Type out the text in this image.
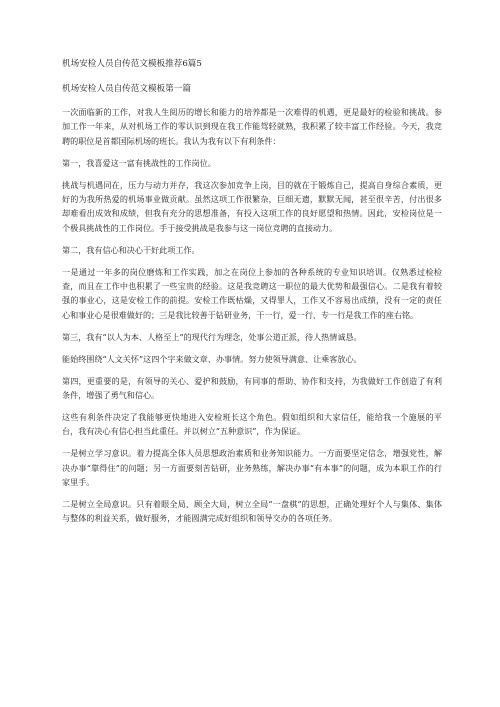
机场安检人员自传范文模板推荐6篇5
机场安检人员自传范文模板第一篇

一次面临新的工作，对我人生阅历的增长和能力的培养都是一次难得的机遇，更是最好的检验和挑战。参加工作一年来，从对机场工作的零认识到现在我工作能驾轻就熟，我积累了较丰富工作经验。今天，我竞聘的职位是首都国际机场的班长。我认为我有以下有利条件：

第一，我喜爱这一富有挑战性的工作岗位。

挑战与机遇同在，压力与动力并存，我这次参加竞争上岗，目的就在于锻炼自己，提高自身综合素质，更好的为我所热爱的机场事业做贡献。虽然这项工作很繁杂，巨细无遗，默默无闻，甚至很辛苦，付出很多却难看出成效和成绩，但我有充分的思想准备，有投入这项工作的良好愿望和热情。因此，安检岗位是一个极具挑战性的工作岗位。手于接受挑战是我参与这一岗位竞聘的直接动力。

第二，我有信心和决心干好此项工作。

一是通过一年多的岗位磨炼和工作实践，加之在岗位上参加的各种系统的专业知识培训。仅熟悉过检检查，而且在工作中也积累了一些宝贵的经验。这是我竞聘这一职位的最大优势和最强信心。二是我有着较强的事业心，这是安检工作的前提。安检工作既枯燥，又得罪人，工作又不容易出成绩，没有一定的责任心和事业心是很难做好的；三是我比较善于钻研业务，干一行，爱一行、专一行是我工作的座右铭。

第三，我有“以人为本、人格至上”的现代行为理念，处事公道正派，待人热情诚恳。

能始终围绕“人文关怀”这四个字来做文章、办事情。努力使领导满意、让乘客放心。

第四，更重要的是，有领导的关心、爱护和鼓励，有同事的帮助、协作和支持，为我做好工作创造了有利条件，增强了勇气和信心。

这些有利条件决定了我能够更快地进入安检班长这个角色。假如组织和大家信任，能给我一个施展的平台，我有决心有信心担当此重任。并以树立“五种意识”，作为保证。

一是树立学习意识。着力提高全体人员思想政治素质和业务知识能力。一方面要坚定信念，增强党性，解决办事“靠得住”的问题；另一方面要刻苦钻研，业务熟练，解决办事“有本事”的问题，成为本职工作的行家里手。

二是树立全局意识。只有着眼全局、顾全大局，树立全局“一盘棋”的思想，正确处理好个人与集体、集体与整体的利益关系，做好服务，才能圆满完成好组织和领导交办的各项任务。
